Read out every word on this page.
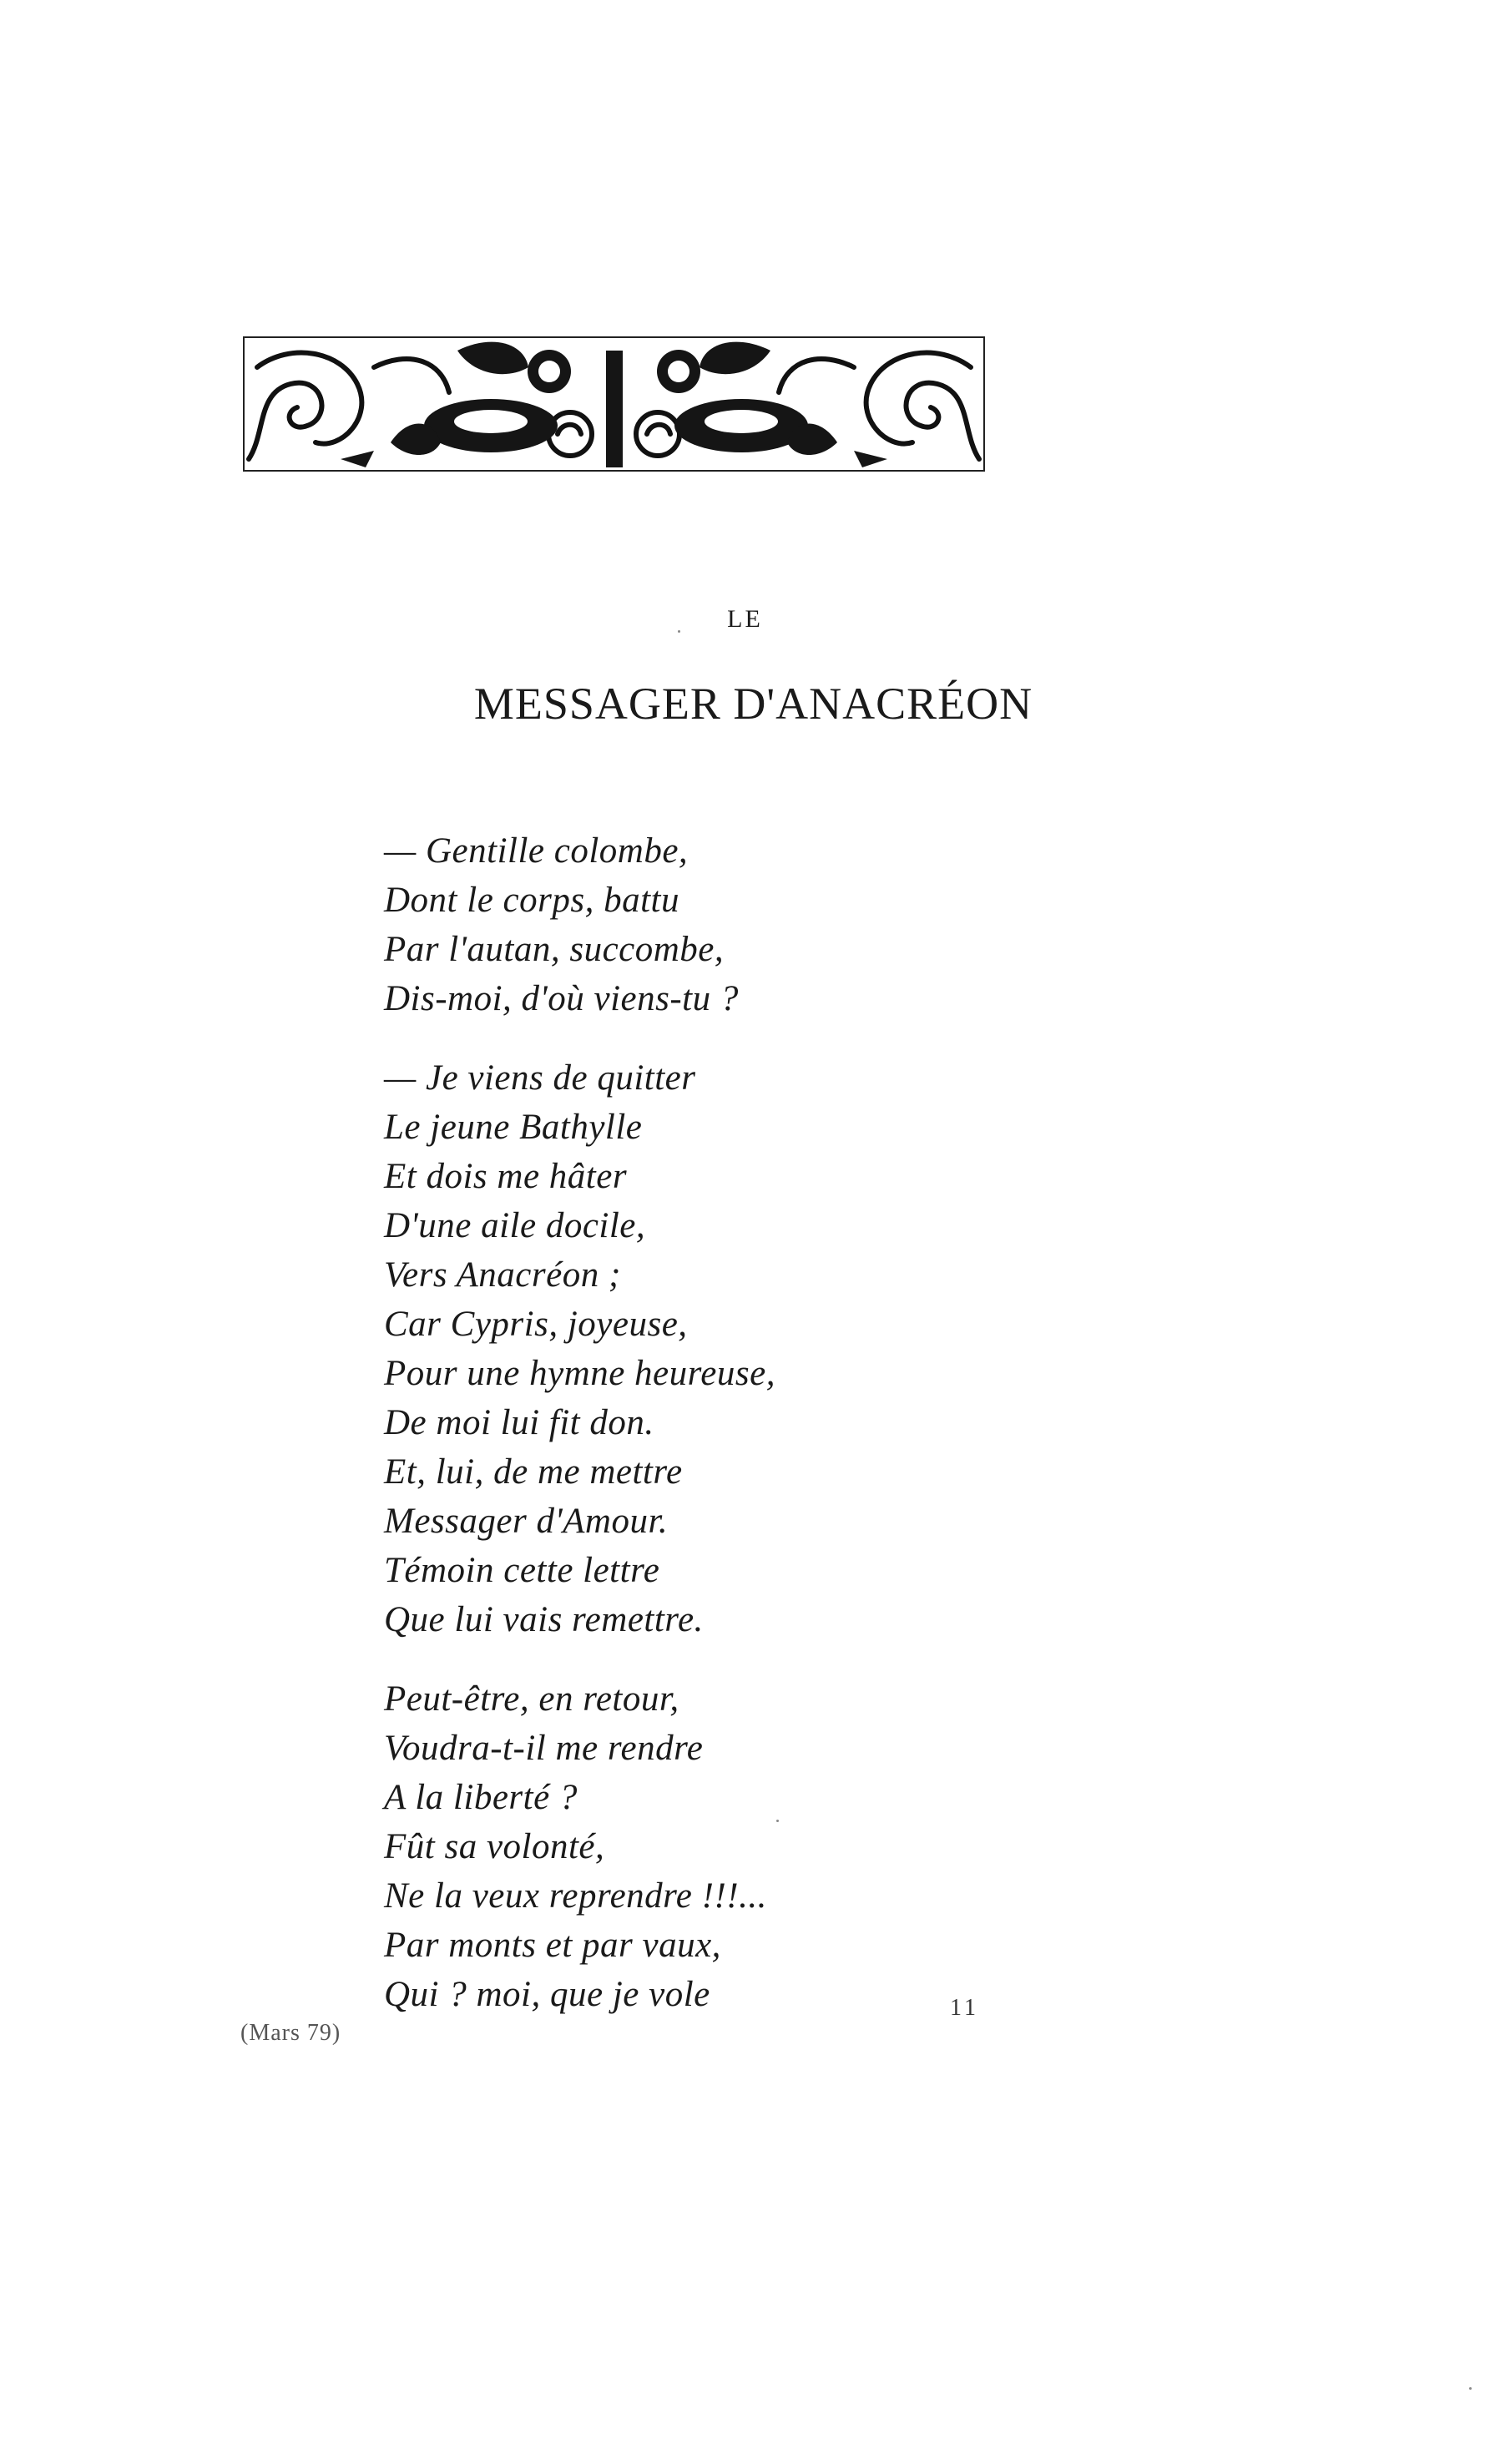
LE
MESSAGER D'ANACRÉON
— Gentille colombe,
Dont le corps, battu
Par l'autan, succombe,
Dis-moi, d'où viens-tu ?
— Je viens de quitter
Le jeune Bathylle
Et dois me hâter
D'une aile docile,
Vers Anacréon ;
Car Cypris, joyeuse,
Pour une hymne heureuse,
De moi lui fit don.
Et, lui, de me mettre
Messager d'Amour.
Témoin cette lettre
Que lui vais remettre.
Peut-être, en retour,
Voudra-t-il me rendre
A la liberté ?
Fût sa volonté,
Ne la veux reprendre !!!...
Par monts et par vaux,
Qui ? moi, que je vole
(Mars 79)
11
